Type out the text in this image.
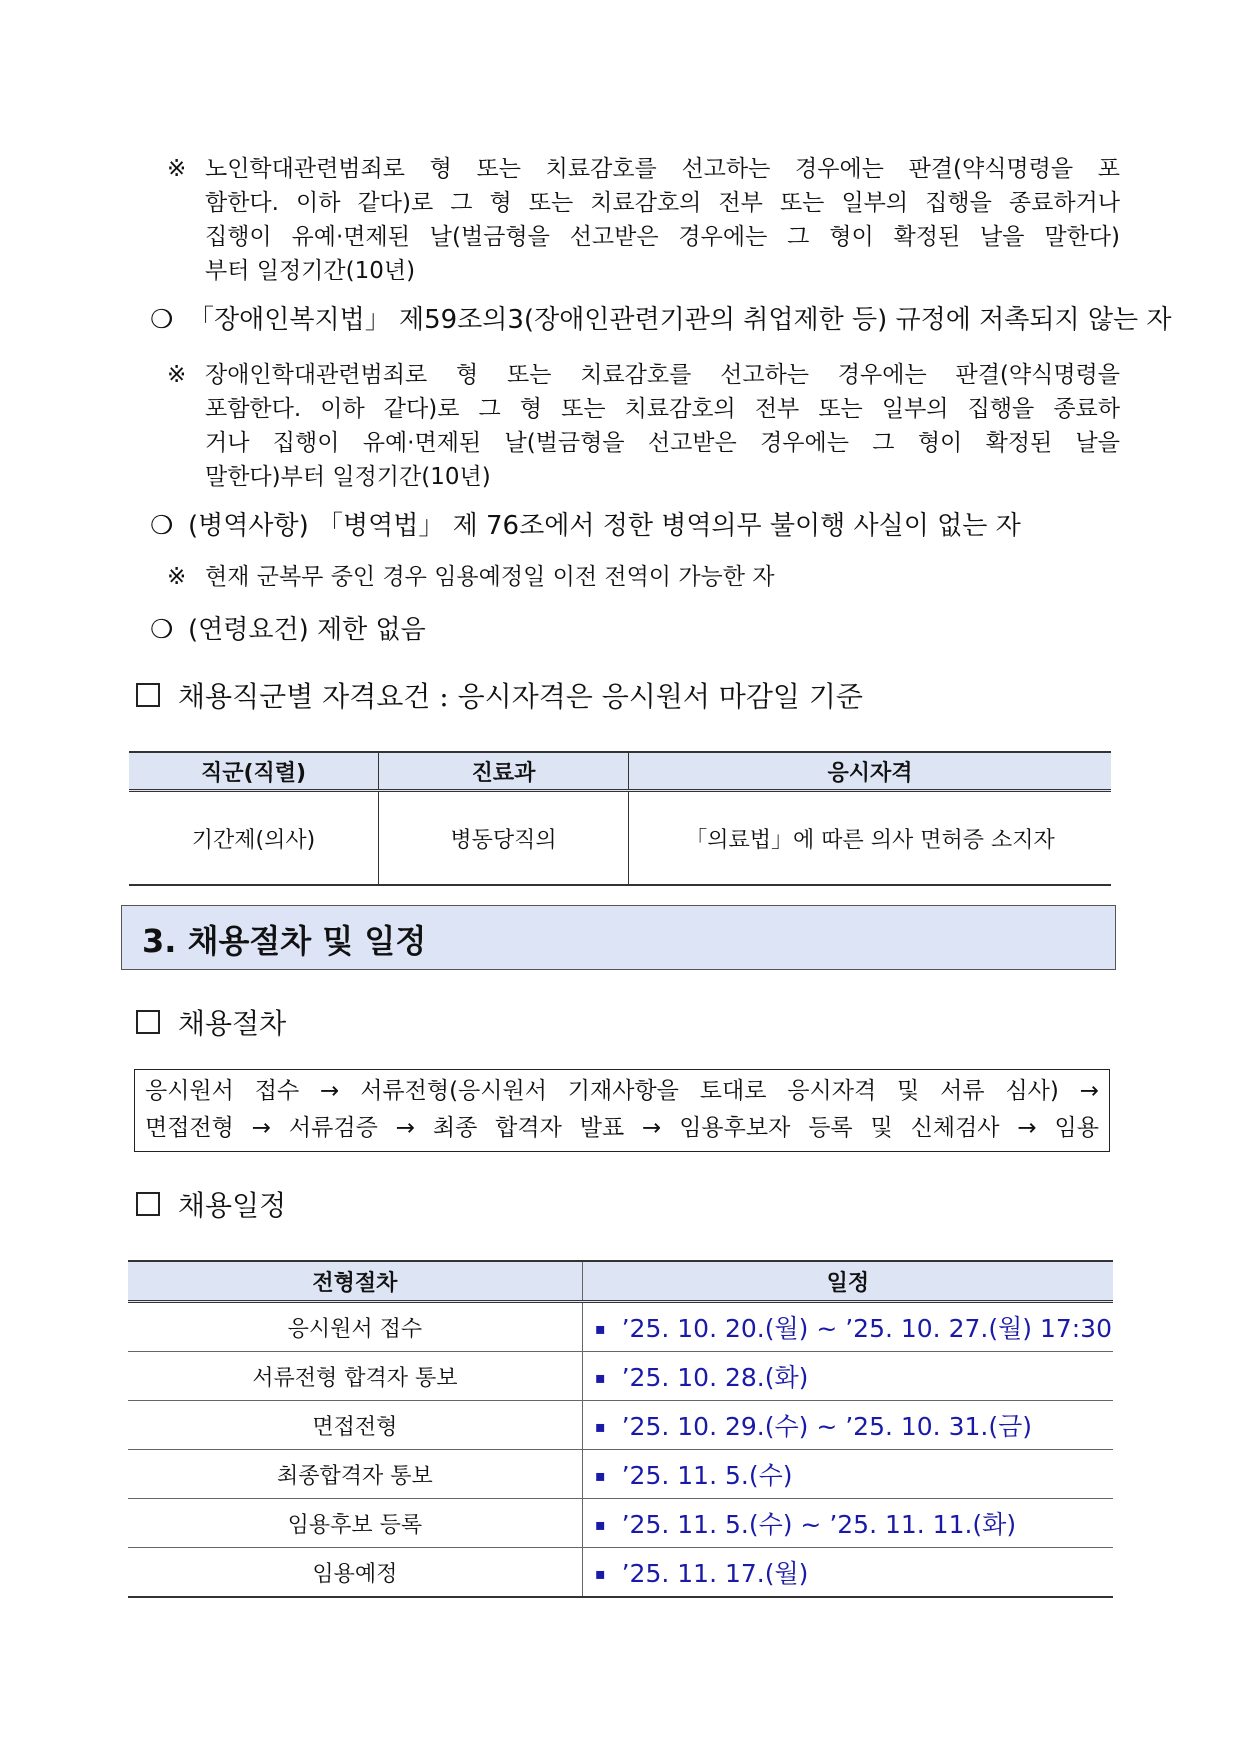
※ 노인학대관련범죄로 형 또는 치료감호를 선고하는 경우에는 판결(약식명령을 포
함한다. 이하 같다)로 그 형 또는 치료감호의 전부 또는 일부의 집행을 종료하거나
집행이 유예·면제된 날(벌금형을 선고받은 경우에는 그 형이 확정된 날을 말한다)
부터 일정기간(10년)
❍ 「장애인복지법」 제59조의3(장애인관련기관의 취업제한 등) 규정에 저촉되지 않는 자
※ 장애인학대관련범죄로 형 또는 치료감호를 선고하는 경우에는 판결(약식명령을
포함한다. 이하 같다)로 그 형 또는 치료감호의 전부 또는 일부의 집행을 종료하
거나 집행이 유예·면제된 날(벌금형을 선고받은 경우에는 그 형이 확정된 날을
말한다)부터 일정기간(10년)
❍ (병역사항) 「병역법」 제 76조에서 정한 병역의무 불이행 사실이 없는 자
※ 현재 군복무 중인 경우 임용예정일 이전 전역이 가능한 자
❍ (연령요건) 제한 없음
채용직군별 자격요건 : 응시자격은 응시원서 마감일 기준
직군(직렬)	진료과	응시자격
기간제(의사)	병동당직의	「의료법」에 따른 의사 면허증 소지자
3. 채용절차 및 일정
채용절차
응시원서 접수 → 서류전형(응시원서 기재사항을 토대로 응시자격 및 서류 심사) →
면접전형 → 서류검증 → 최종 합격자 발표 → 임용후보자 등록 및 신체검사 → 임용
채용일정
전형절차	일정
응시원서 접수	▪ ’25. 10. 20.(월) ~ ’25. 10. 27.(월) 17:30
서류전형 합격자 통보	▪ ’25. 10. 28.(화)
면접전형	▪ ’25. 10. 29.(수) ~ ’25. 10. 31.(금)
최종합격자 통보	▪ ’25. 11. 5.(수)
임용후보 등록	▪ ’25. 11. 5.(수) ~ ’25. 11. 11.(화)
임용예정	▪ ’25. 11. 17.(월)
